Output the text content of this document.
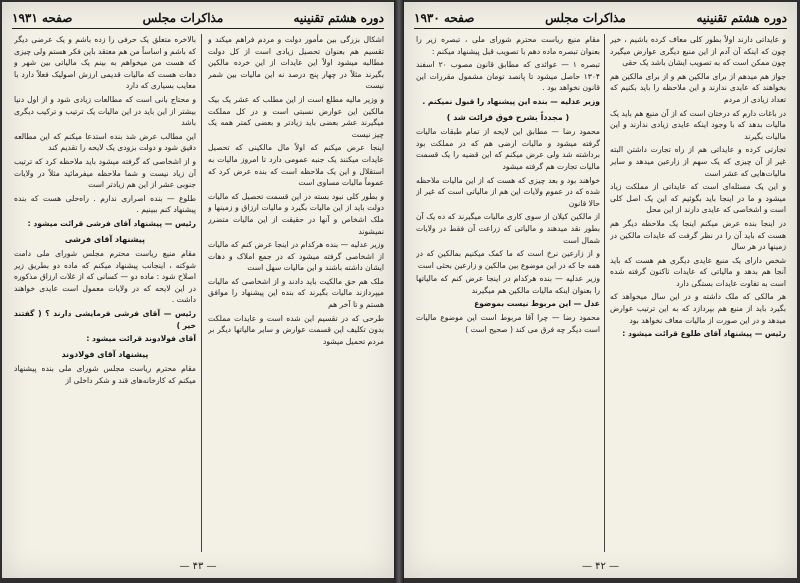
دوره هشتم تقنینیه
مذاکرات مجلس
صفحه ۱۹۳۱

اشکال بزرگی بین مأمور دولت و مردم فراهم میکند و تقسیم هم بعنوان تحصیل زیادی است از کل دولت مطالبه میشود اولاً این عایدات از این خرده مالکین بگیرند مثلاً در چهار پنج درصد نه این مالیات بین شمر نیست

و وزیر مالیه مطلع است از این مطلب که عشر یک بیک مالکین این عوارض نسبتی است و در کل مملکت میگیرند عشر بعضی باید زیادتر و بعضی کمتر همه یک چیز نیست

اینجا عرض میکنم که اولاً مال مالکینی که تحصیل عایدات میکنند یک جنبه عمومی دارد تا امروز مالیات به استقلال و این یک ملاحظه است که بنده عرض کرد که عموماً مالیات مساوی است

و بطور کلی نبود بسته در این قسمت تحصیل که مالیات دولت باید از این مالیات بگیرد و مالیات ارزاق و زمینها و ملک اشخاص و آنها در حقیقت از این مالیات متضرر نمیشوند

وزیر عدلیه — بنده هرکدام در اینجا عرض کنم که مالیات از اشخاصی گرفته میشود که در جمع املاک و دهات ایشان داشته باشند و این مالیات سهل است

ملک هم حق مالکیت باید دادند و از اشخاصی که مالیات میپردازند مالیات بگیرند که بنده این پیشنهاد را موافق هستم و تا آخر هم

طرحی که در تقسیم این شده است و عایدات مملکت بدون تکلیف این قسمت عوارض و سایر مالیاتها دیگر بر مردم تحمیل میشود

بالاخره متعلق یک حرفی را زده باشم و یک عرضی دیگر که باشم و اساساً من هم معتقد باین فکر هستم ولی چیزی که هست من میخواهم به بینم یک مالیاتی بین شهر و دهات هست که مالیات قدیمی ارزش اصولیک فعلاً دارد با معایب بسیاری که دارد

و محتاج بانی است که مطالعات زیادی شود و از اول دنیا بیشتر از این باید در این مالیات یک ترتیب و ترکیب دیگری باشد

این مطالب عرض شد بنده استدعا میکنم که این مطالعه دقیق شود و دولت بزودی یک لایحه را تقدیم کند

و از اشخاصی که گرفته میشود باید ملاحظه کرد که ترتیب آن زیاد نیست و شما ملاحظه میفرمائید مثلاً در ولایات جنوبی عشر از این هم زیادتر است

طلوع — بنده اصراری ندارم . راه‌حلی هست که بنده پیشنهاد کنم ببینیم .

رئیس — پیشنهاد آقای فرشی قرائت میشود :

پیشنهاد آقای فرشی

مقام منیع ریاست محترم مجلس شورای ملی دامت شوکته ، اینجانب پیشنهاد میکنم که ماده دو بطریق زیر اصلاح شود : ماده دو — کسانی که از غلات ارزاق مذکوره در این لایحه که در ولایات معمول است عایدی خواهند داشت .

رئیس — آقای فرشی فرمایشی دارند ؟ ( گفتند خیر )

آقای فولادوند قرائت میشود :

پیشنهاد آقای فولادوند

مقام محترم ریاست مجلس شورای ملی بنده پیشنهاد میکنم که کارخانه‌های قند و شکر داخلی از

— ۴۳ —
دوره هشتم تقنینیه
مذاکرات مجلس
صفحه ۱۹۳۰

و عایداتی دارند اولاً بطور کلی معاف کرده باشیم ، خیر چون که اینکه آن آدم از این منبع دیگری عوارض میگیرد چون ممکن است که به تصویب ایشان باشد یک حقی

جواز هم میدهم از برای مالکین هم و از برای مالکین هم بخواهند که عایدی ندارند و این ملاحظه را باید بکنیم که تعداد زیادی از مردم

در باغات دارم که درختان است که از آن منبع هم باید یک مالیات بدهد که با وجود اینکه عایدی زیادی ندارند و این مالیات بگیرند

تجارتی کرده و عایداتی هم از راه تجارت داشتن البته غیر از آن چیزی که یک سهم از زارعین میدهد و سایر مالیات‌هایی که عشر است

و این یک مسئله‌ای است که عایداتی از مملکت زیاد میشود و ما در اینجا باید بگوئیم که این یک اصل کلی است و اشخاصی که عایدی دارند از این محل

در اینجا بنده عرض میکنم اینجا یک ملاحظه دیگر هم هست که باید آن را در نظر گرفت که عایدات مالکین در زمینها در هر سال

شخص دارای یک منبع عایدی دیگری هم هست که باید آنجا هم بدهد و مالیاتی که عایدات تاکنون گرفته شده است به تفاوت عایدات بستگی دارد

هر مالکی که ملک داشته و در این سال میخواهد که بگیرد باید از منبع هم بپردازد که به این ترتیب عوارض میدهد و در این صورت از مالیات معاف نخواهد بود

رئیس — پیشنهاد آقای طلوع قرائت میشود :

مقام منیع ریاست محترم شورای ملی ، تبصره زیر را بعنوان تبصره ماده دهم با تصویب قبل پیشنهاد میکنم :

تبصره ۱ — عوائدی که مطابق قانون مصوب ۲۰ اسفند ۱۳۰۴ حاصل میشود تا پانصد تومان مشمول مقررات این قانون نخواهد بود .

وزیر عدلیه — بنده این پیشنهاد را قبول نمیکنم .

( مجدداً بشرح فوق قرائت شد )

محمود رضا — مطابق این لایحه از تمام طبقات مالیات گرفته میشود و مالیات ارضی هم که در مملکت بود برداشته شد ولی عرض میکنم که این قضیه را یک قسمت مالیات تجارت هم گرفته میشود

خواهند بود و بعد چیزی که هست که از این مالیات ملاحظه شده که در عموم ولایات این هم از مالیاتی است که غیر از حالا قانون

از مالکین کیلان از سوی کاری مالیات میگیرند که ده یک آن بطور نقد میدهند و مالیاتی که زراعت آن فقط در ولایات شمال است

و از زارعین نرخ است که ما کمک میکنیم بمالکین که در همه جا که در این موضوع بین مالکین و زارعین بحثی است

وزیر عدلیه — بنده هرکدام در اینجا عرض کنم که مالیاتها را بعنوان اینکه مالیات مالکین هم میگیرند

عدل — این مربوط نیست بموضوع

محمود رضا — چرا آقا مربوط است این موضوع مالیات است دیگر چه فرق می کند ( صحیح است )

— ۴۲ —
